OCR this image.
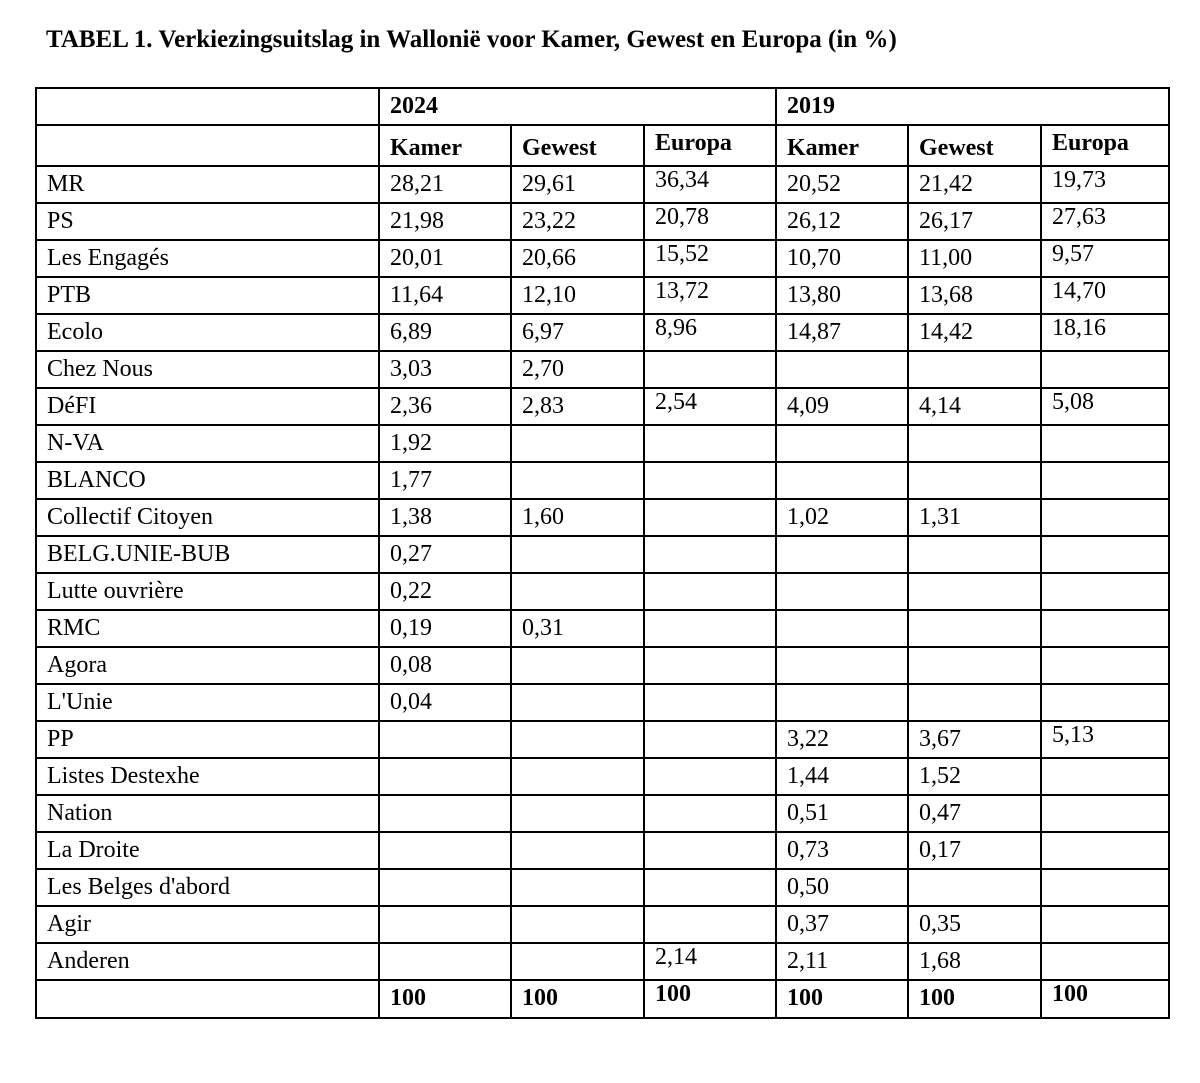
TABEL 1. Verkiezingsuitslag in Wallonië voor Kamer, Gewest en Europa (in %)
	2024			2019		
	Kamer	Gewest	Europa	Kamer	Gewest	Europa
MR	28,21	29,61	36,34	20,52	21,42	19,73
PS	21,98	23,22	20,78	26,12	26,17	27,63
Les Engagés	20,01	20,66	15,52	10,70	11,00	9,57
PTB	11,64	12,10	13,72	13,80	13,68	14,70
Ecolo	6,89	6,97	8,96	14,87	14,42	18,16
Chez Nous	3,03	2,70				
DéFI	2,36	2,83	2,54	4,09	4,14	5,08
N-VA	1,92					
BLANCO	1,77					
Collectif Citoyen	1,38	1,60		1,02	1,31	
BELG.UNIE-BUB	0,27					
Lutte ouvrière	0,22					
RMC	0,19	0,31				
Agora	0,08					
L'Unie	0,04					
PP				3,22	3,67	5,13
Listes Destexhe				1,44	1,52	
Nation				0,51	0,47	
La Droite				0,73	0,17	
Les Belges d'abord				0,50		
Agir				0,37	0,35	
Anderen			2,14	2,11	1,68	
	100	100	100	100	100	100
